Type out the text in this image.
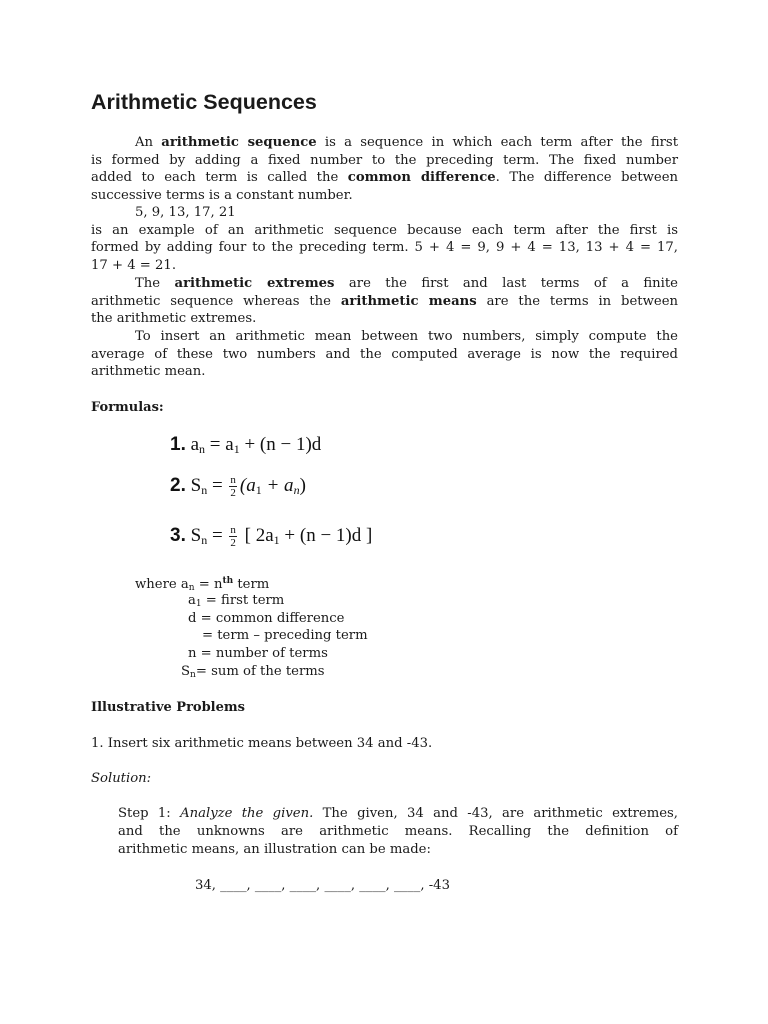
Arithmetic Sequences
An arithmetic sequence is a sequence in which each term after the first
is formed by adding a fixed number to the preceding term. The fixed number
added to each term is called the common difference. The difference between
successive terms is a constant number.
5, 9, 13, 17, 21
is an example of an arithmetic sequence because each term after the first is
formed by adding four to the preceding term. 5 + 4 = 9, 9 + 4 = 13, 13 + 4 = 17,
17 + 4 = 21.
The arithmetic extremes are the first and last terms of a finite
arithmetic sequence whereas the arithmetic means are the terms in between
the arithmetic extremes.
To insert an arithmetic mean between two numbers, simply compute the
average of these two numbers and the computed average is now the required
arithmetic mean.
Formulas:
1. $a_n = a_1 + (n - 1)d$
2. $S_n = \frac{n}{2} (a_1 + a_n)$
3. $S_n = \frac{n}{2}$ [ $2a_1 + (n - 1)d$ ]
where $a_n = n^{th}$ term
$a_1$ = first term
d = common difference
= term – preceding term
n = number of terms
$S_n=$ sum of the terms
Illustrative Problems
1. Insert six arithmetic means between 34 and -43.
Solution:
Step 1: Analyze the given. The given, 34 and -43, are arithmetic extremes,
and the unknowns are arithmetic means. Recalling the definition of
arithmetic means, an illustration can be made:
34, ____, ____, ____, ____, ____, ____, -43
